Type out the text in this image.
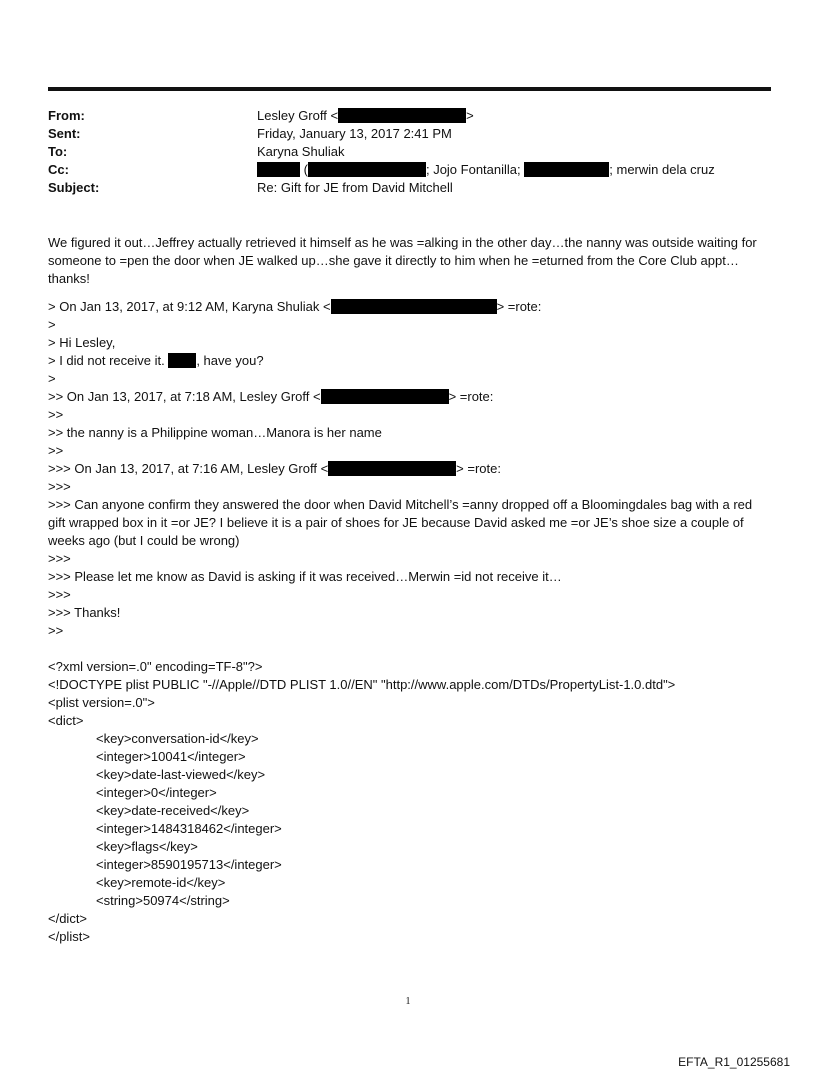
From:	Lesley Groff <	>
Sent:	Friday, January 13, 2017 2:41 PM
To:	Karyna Shuliak
Cc:	(	; Jojo Fontanilla;	; merwin dela cruz
Subject:	Re: Gift for JE from David Mitchell

We figured it out…Jeffrey actually retrieved it himself as he was =alking in the other day…the nanny was outside waiting for someone to =pen the door when JE walked up…she gave it directly to him when he =eturned from the Core Club appt…thanks!

> On Jan 13, 2017, at 9:12 AM, Karyna Shuliak <	> =rote:
>
> Hi Lesley,
> I did not receive it. , have you?
>
>> On Jan 13, 2017, at 7:18 AM, Lesley Groff <	> =rote:
>>
>> the nanny is a Philippine woman…Manora is her name
>>
>>> On Jan 13, 2017, at 7:16 AM, Lesley Groff <	> =rote:
>>>
>>> Can anyone confirm they answered the door when David Mitchell’s =anny dropped off a Bloomingdales bag with a red gift wrapped box in it =or JE? I believe it is a pair of shoes for JE because David asked me =or JE’s shoe size a couple of weeks ago (but I could be wrong)
>>>
>>> Please let me know as David is asking if it was received…Merwin =id not receive it…
>>>
>>> Thanks!
>>
<?xml version=.0" encoding=TF-8"?>
<!DOCTYPE plist PUBLIC "-//Apple//DTD PLIST 1.0//EN" "http://www.apple.com/DTDs/PropertyList-1.0.dtd">
<plist version=.0">
<dict>
<key>conversation-id</key>
<integer>10041</integer>
<key>date-last-viewed</key>
<integer>0</integer>
<key>date-received</key>
<integer>1484318462</integer>
<key>flags</key>
<integer>8590195713</integer>
<key>remote-id</key>
<string>50974</string>
</dict>
</plist>
1
EFTA_R1_01255681
